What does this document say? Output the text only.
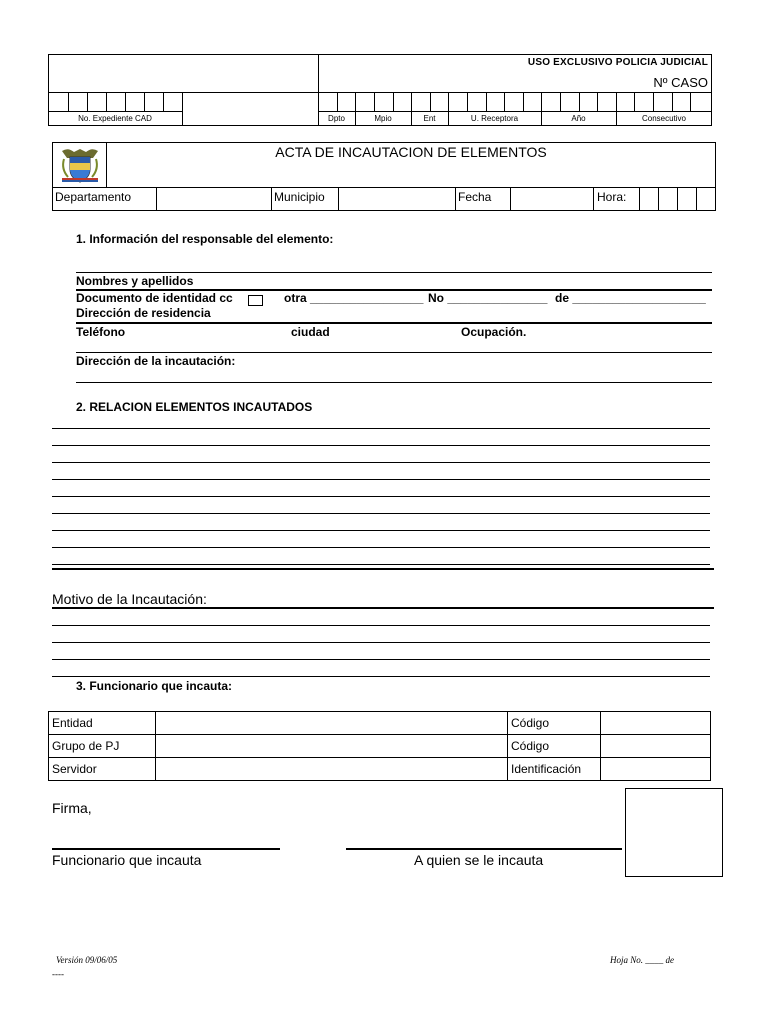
USO EXCLUSIVO POLICIA JUDICIAL
Nº CASO
No. Expediente CAD	Dpto	Mpio	Ent	U. Receptora	Año	Consecutivo
ACTA DE INCAUTACION DE ELEMENTOS
Departamento	Municipio	Fecha	Hora:
1. Información del responsable del elemento:
Nombres y apellidos
Documento de identidad cc	otra _________________ No _______________ de ____________________
Dirección de residencia
Teléfono	ciudad	Ocupación.
Dirección de la incautación:
2. RELACION ELEMENTOS INCAUTADOS
Motivo de la Incautación:
3. Funcionario que incauta:
Entidad	Código
Grupo de PJ	Código
Servidor	Identificación
Firma,
Funcionario que incauta	A quien se le incauta
Versión 09/06/05
----
Hoja No. ____ de
